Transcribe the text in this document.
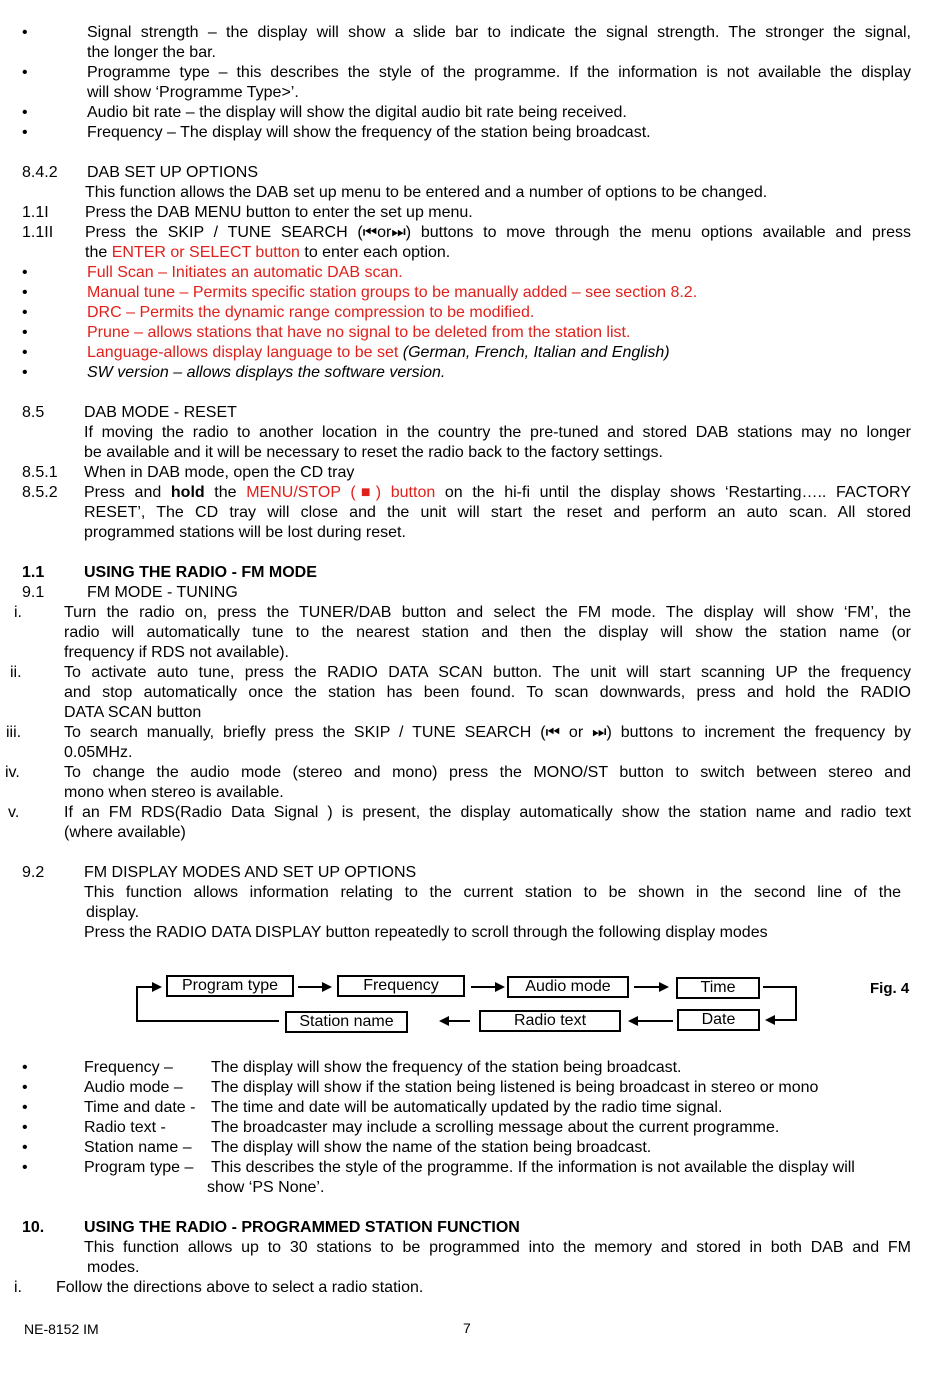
•	Signal strength – the display will show a slide bar to indicate the signal strength. The stronger the signal,
the longer the bar.
•	Programme type – this describes the style of the programme. If the information is not available the display
will show ‘Programme Type>’.
•	Audio bit rate – the display will show the digital audio bit rate being received.
•	Frequency – The display will show the frequency of the station being broadcast.
8.4.2 DAB SET UP OPTIONS
This function allows the DAB set up menu to be entered and a number of options to be changed.
1.1I Press the DAB MENU button to enter the set up menu.
1.1II Press the SKIP / TUNE SEARCH (⏮or⏭) buttons to move through the menu options available and press
the ENTER or SELECT button to enter each option.
•	Full Scan – Initiates an automatic DAB scan.
•	Manual tune – Permits specific station groups to be manually added – see section 8.2.
•	DRC – Permits the dynamic range compression to be modified.
•	Prune – allows stations that have no signal to be deleted from the station list.
•	Language-allows display language to be set (German, French, Italian and English)
•	SW version – allows displays the software version.
8.5 DAB MODE - RESET
If moving the radio to another location in the country the pre-tuned and stored DAB stations may no longer
be available and it will be necessary to reset the radio back to the factory settings.
8.5.1 When in DAB mode, open the CD tray
8.5.2 Press and hold the MENU/STOP (■) button on the hi-fi until the display shows ‘Restarting….. FACTORY
RESET’, The CD tray will close and the unit will start the reset and perform an auto scan. All stored
programmed stations will be lost during reset.
1.1 USING THE RADIO - FM MODE
9.1	FM MODE - TUNING
i.	Turn the radio on, press the TUNER/DAB button and select the FM mode. The display will show ‘FM’, the
radio will automatically tune to the nearest station and then the display will show the station name (or
frequency if RDS not available).
ii.	To activate auto tune, press the RADIO DATA SCAN button. The unit will start scanning UP the frequency
and stop automatically once the station has been found. To scan downwards, press and hold the RADIO
DATA SCAN button
iii.	To search manually, briefly press the SKIP / TUNE SEARCH (⏮ or ⏭) buttons to increment the frequency by
0.05MHz.
iv.	To change the audio mode (stereo and mono) press the MONO/ST button to switch between stereo and
mono when stereo is available.
v.	If an FM RDS(Radio Data Signal ) is present, the display automatically show the station name and radio text
(where available)
9.2 FM DISPLAY MODES AND SET UP OPTIONS
This function allows information relating to the current station to be shown in the second line of the
display.
Press the RADIO DATA DISPLAY button repeatedly to scroll through the following display modes
Program type	Frequency	Audio mode	Time
Date
Radio text
Station name
Fig. 4
•	Frequency – The display will show the frequency of the station being broadcast.
•	Audio mode – The display will show if the station being listened is being broadcast in stereo or mono
•	Time and date - The time and date will be automatically updated by the radio time signal.
•	Radio text -	The broadcaster may include a scrolling message about the current programme.
•	Station name – The display will show the name of the station being broadcast.
•	Program type – This describes the style of the programme. If the information is not available the display will
show ‘PS None’.
10. USING THE RADIO - PROGRAMMED STATION FUNCTION
This function allows up to 30 stations to be programmed into the memory and stored in both DAB and FM
modes.
i. Follow the directions above to select a radio station.
NE-8152 IM	7
